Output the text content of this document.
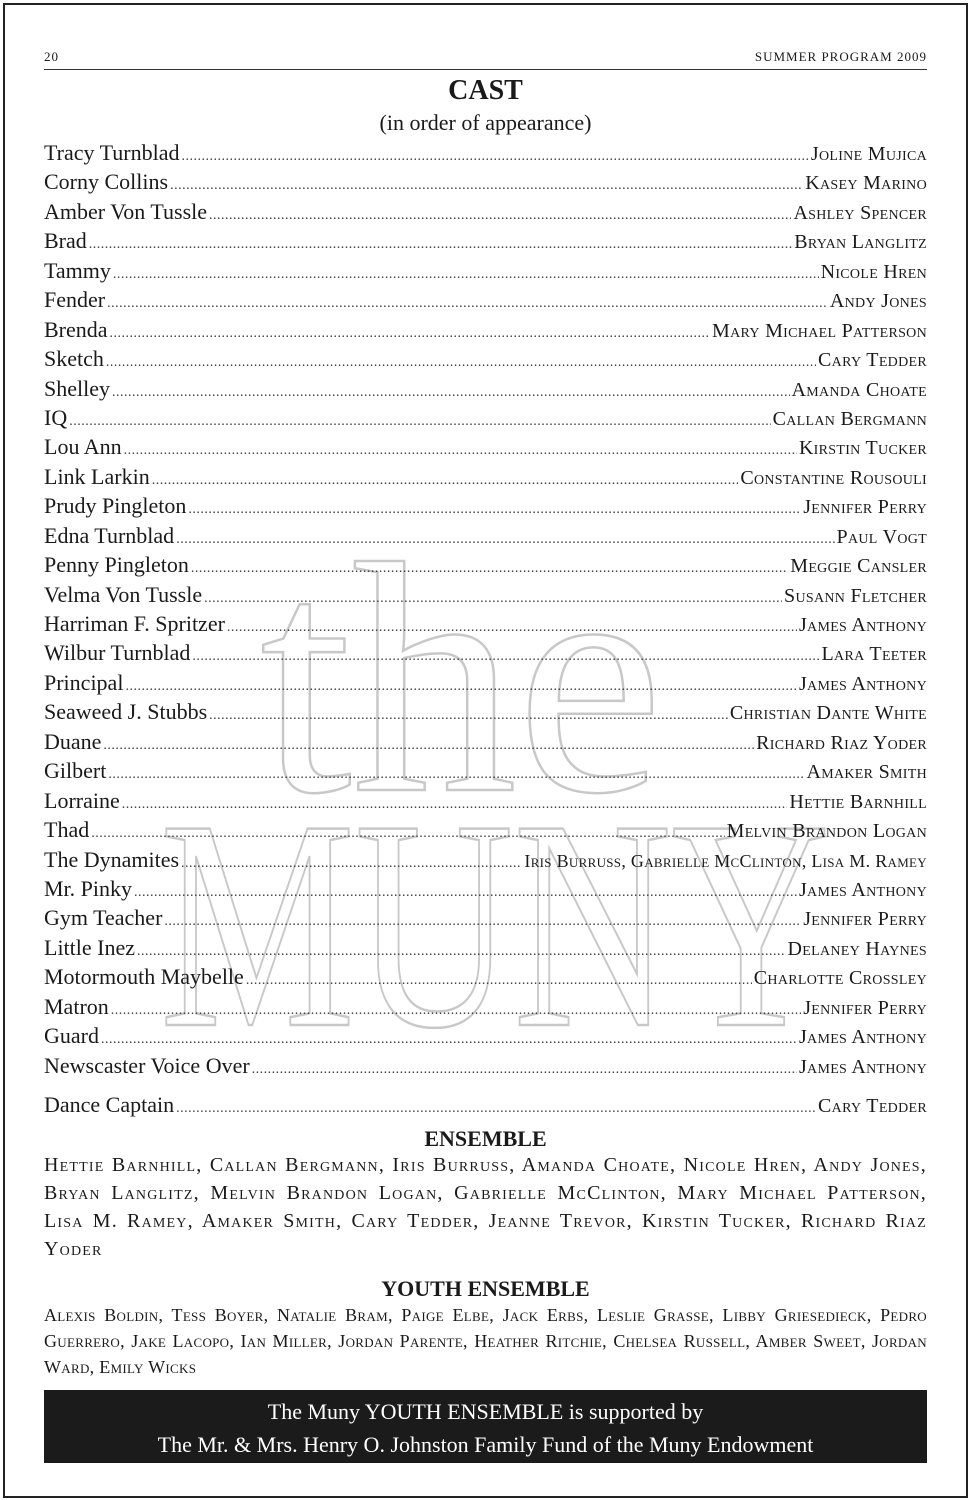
20	SUMMER PROGRAM 2009
the
MUNY
CAST
(in order of appearance)
Tracy Turnblad .....	Joline Mujica
Corny Collins .....	Kasey Marino
Amber Von Tussle .....	Ashley Spencer
Brad .....	Bryan Langlitz
Tammy .....	Nicole Hren
Fender .....	Andy Jones
Brenda .....	Mary Michael Patterson
Sketch .....	Cary Tedder
Shelley .....	Amanda Choate
IQ .....	Callan Bergmann
Lou Ann .....	Kirstin Tucker
Link Larkin .....	Constantine Rousouli
Prudy Pingleton .....	Jennifer Perry
Edna Turnblad .....	Paul Vogt
Penny Pingleton .....	Meggie Cansler
Velma Von Tussle .....	Susann Fletcher
Harriman F. Spritzer .....	James Anthony
Wilbur Turnblad .....	Lara Teeter
Principal .....	James Anthony
Seaweed J. Stubbs .....	Christian Dante White
Duane .....	Richard Riaz Yoder
Gilbert .....	Amaker Smith
Lorraine .....	Hettie Barnhill
Thad .....	Melvin Brandon Logan
The Dynamites .....	Iris Burruss, Gabrielle McClinton, Lisa M. Ramey
Mr. Pinky .....	James Anthony
Gym Teacher .....	Jennifer Perry
Little Inez .....	Delaney Haynes
Motormouth Maybelle .....	Charlotte Crossley
Matron .....	Jennifer Perry
Guard .....	James Anthony
Newscaster Voice Over .....	James Anthony
Dance Captain .....	Cary Tedder
ENSEMBLE
Hettie Barnhill, Callan Bergmann, Iris Burruss, Amanda Choate, Nicole Hren, Andy Jones, Bryan Langlitz, Melvin Brandon Logan, Gabrielle McClinton, Mary Michael Patterson, Lisa M. Ramey, Amaker Smith, Cary Tedder, Jeanne Trevor, Kirstin Tucker, Richard Riaz Yoder
YOUTH ENSEMBLE
Alexis Boldin, Tess Boyer, Natalie Bram, Paige Elbe, Jack Erbs, Leslie Grasse, Libby Griesedieck, Pedro Guerrero, Jake Lacopo, Ian Miller, Jordan Parente, Heather Ritchie, Chelsea Russell, Amber Sweet, Jordan Ward, Emily Wicks
The Muny YOUTH ENSEMBLE is supported by
The Mr. & Mrs. Henry O. Johnston Family Fund of the Muny Endowment
